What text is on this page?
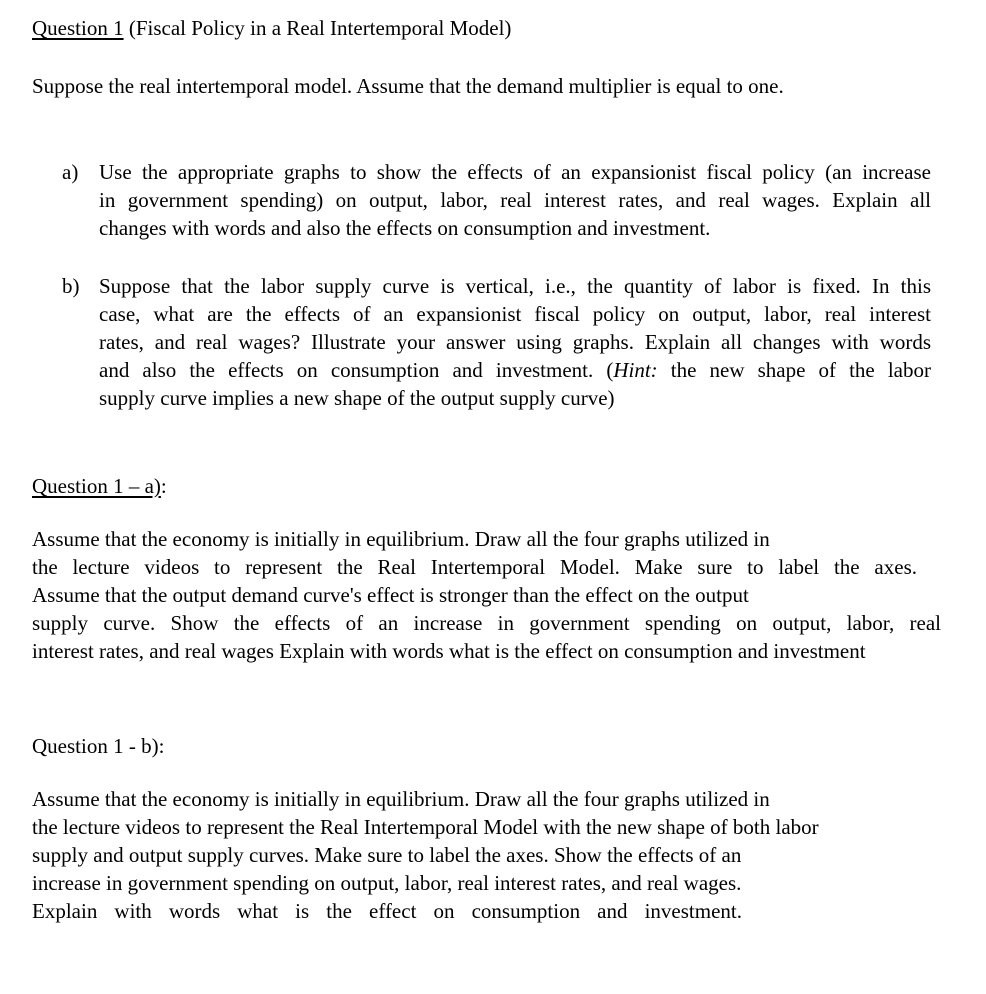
Question 1 (Fiscal Policy in a Real Intertemporal Model)
Suppose the real intertemporal model. Assume that the demand multiplier is equal to one.
a) Use the appropriate graphs to show the effects of an expansionist fiscal policy (an increase
in government spending) on output, labor, real interest rates, and real wages. Explain all
changes with words and also the effects on consumption and investment.
b) Suppose that the labor supply curve is vertical, i.e., the quantity of labor is fixed. In this
case, what are the effects of an expansionist fiscal policy on output, labor, real interest
rates, and real wages? Illustrate your answer using graphs. Explain all changes with words
and also the effects on consumption and investment. (Hint: the new shape of the labor
supply curve implies a new shape of the output supply curve)
Question 1 – a):
Assume that the economy is initially in equilibrium. Draw all the four graphs utilized in
the lecture videos to represent the Real Intertemporal Model. Make sure to label the axes.
Assume that the output demand curve's effect is stronger than the effect on the output
supply curve. Show the effects of an increase in government spending on output, labor, real
interest rates, and real wages Explain with words what is the effect on consumption and investment
Question 1 - b):
Assume that the economy is initially in equilibrium. Draw all the four graphs utilized in
the lecture videos to represent the Real Intertemporal Model with the new shape of both labor
supply and output supply curves. Make sure to label the axes. Show the effects of an
increase in government spending on output, labor, real interest rates, and real wages.
Explain with words what is the effect on consumption and investment.
